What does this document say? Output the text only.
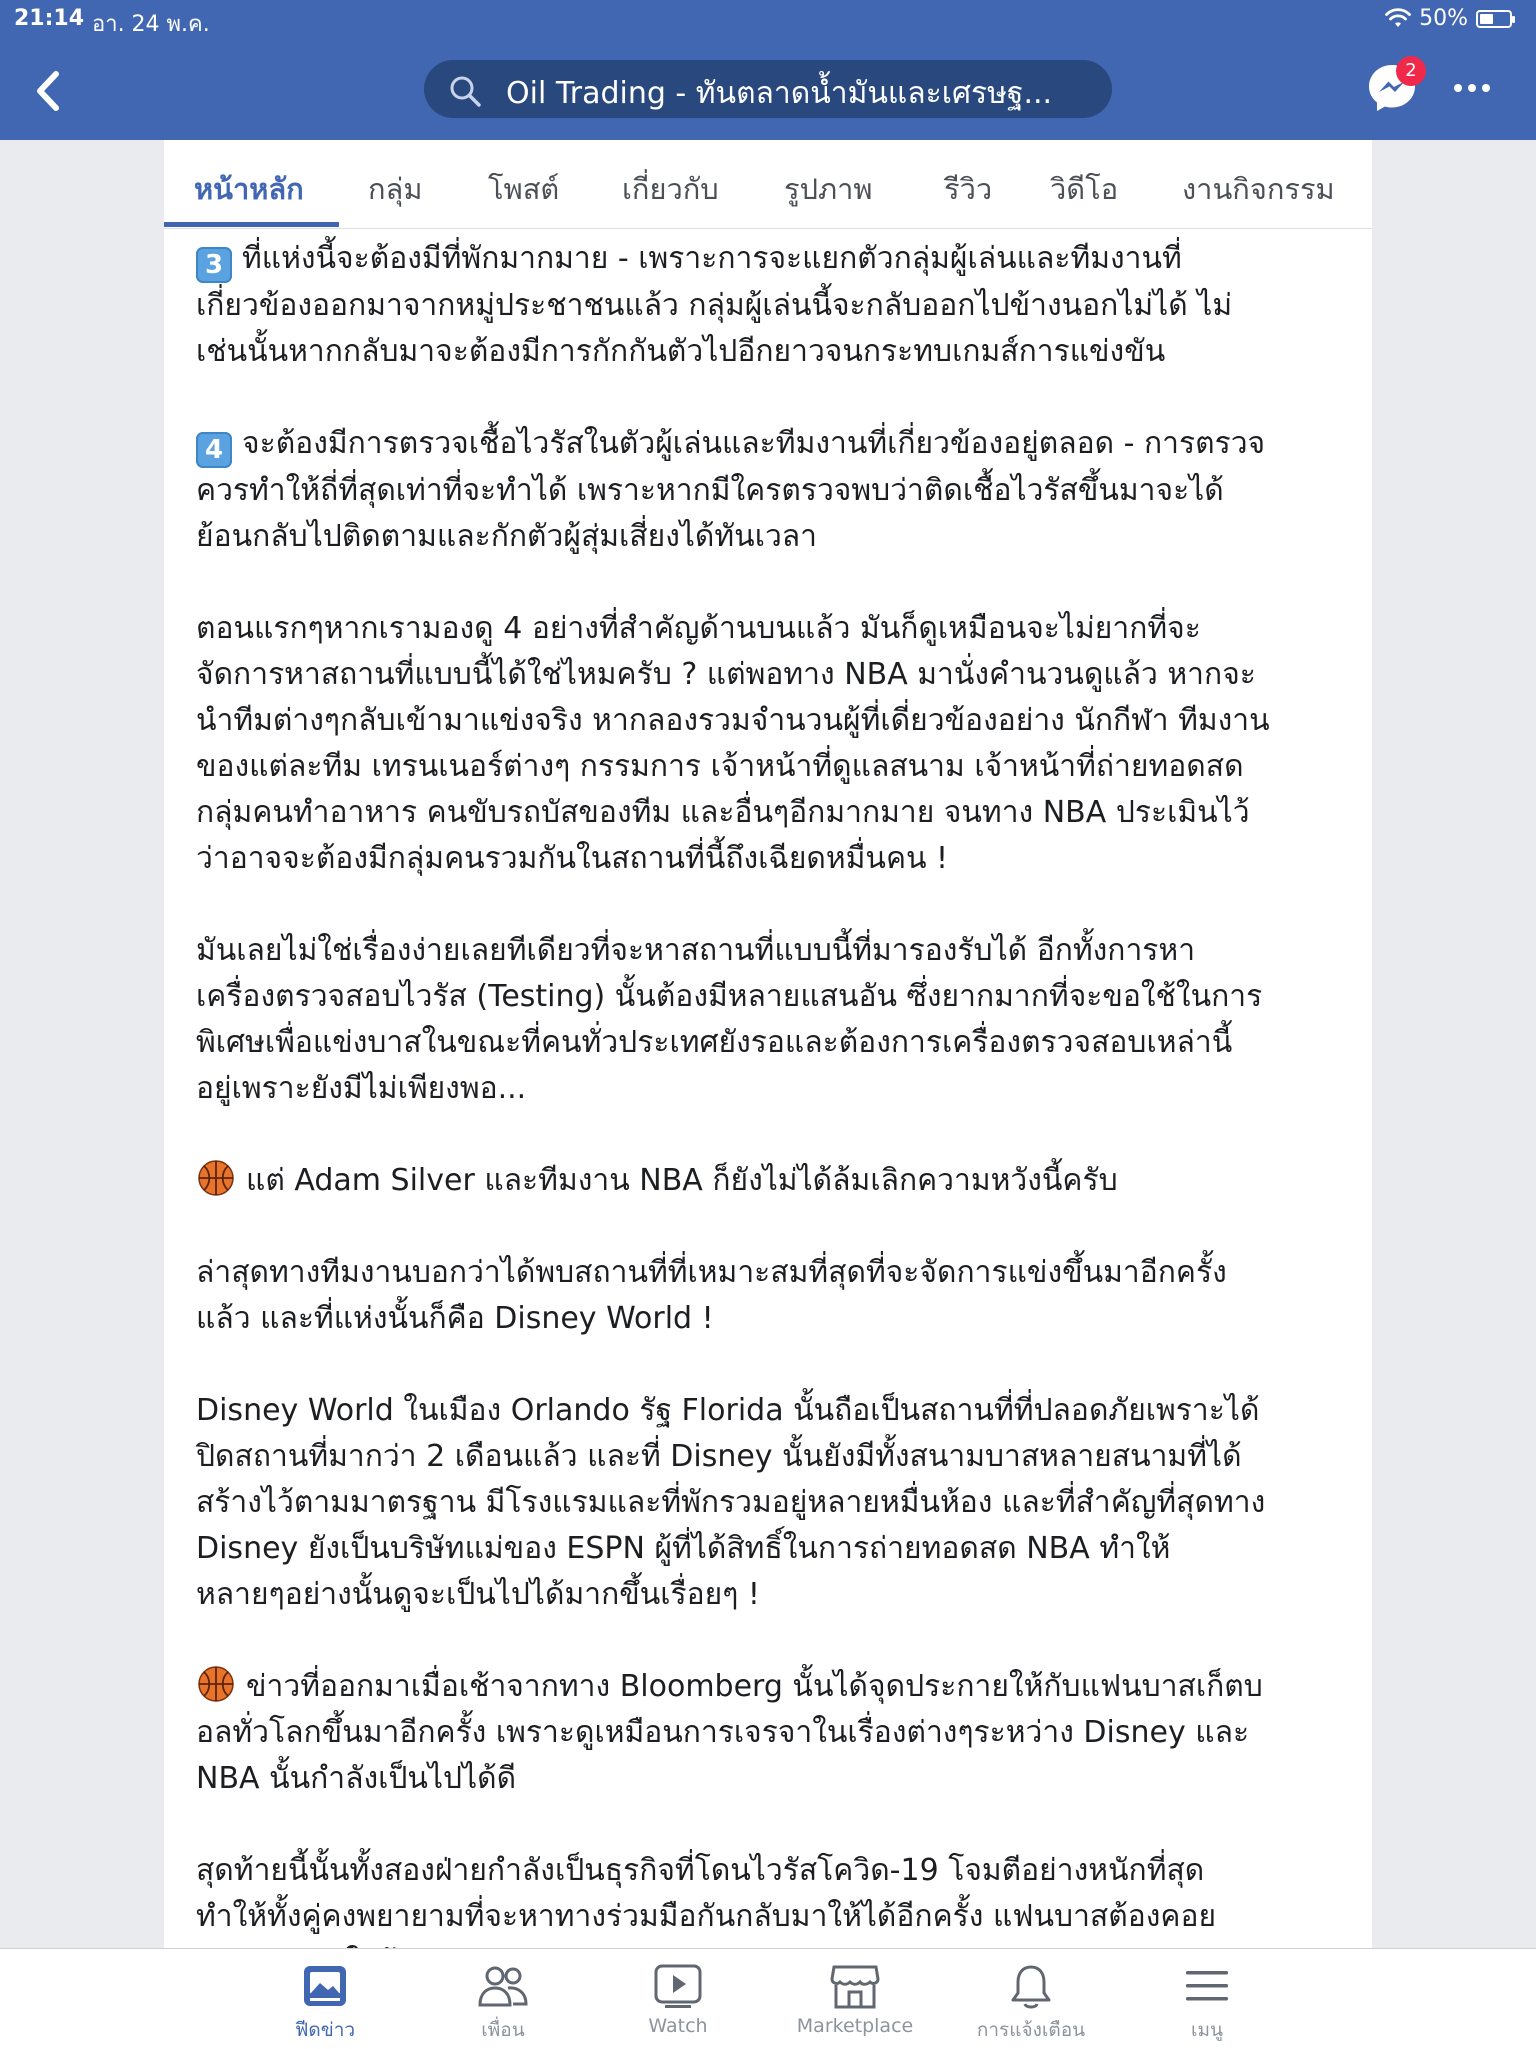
21:14 อา. 24 พ.ค.	50%
Oil Trading - ทันตลาดน้ำมันและเศรษฐ...
2
หน้าหลัก กลุ่ม โพสต์ เกี่ยวกับ รูปภาพ รีวิว วิดีโอ งานกิจกรรม

3 ที่แห่งนี้จะต้องมีที่พักมากมาย - เพราะการจะแยกตัวกลุ่มผู้เล่นและทีมงานที่
เกี่ยวข้องออกมาจากหมู่ประชาชนแล้ว กลุ่มผู้เล่นนี้จะกลับออกไปข้างนอกไม่ได้ ไม่
เช่นนั้นหากกลับมาจะต้องมีการกักกันตัวไปอีกยาวจนกระทบเกมส์การแข่งขัน

4 จะต้องมีการตรวจเชื้อไวรัสในตัวผู้เล่นและทีมงานที่เกี่ยวข้องอยู่ตลอด - การตรวจ
ควรทำให้ถี่ที่สุดเท่าที่จะทำได้ เพราะหากมีใครตรวจพบว่าติดเชื้อไวรัสขึ้นมาจะได้
ย้อนกลับไปติดตามและกักตัวผู้สุ่มเสี่ยงได้ทันเวลา

ตอนแรกๆหากเรามองดู 4 อย่างที่สำคัญด้านบนแล้ว มันก็ดูเหมือนจะไม่ยากที่จะ
จัดการหาสถานที่แบบนี้ได้ใช่ไหมครับ ? แต่พอทาง NBA มานั่งคำนวนดูแล้ว หากจะ
นำทีมต่างๆกลับเข้ามาแข่งจริง หากลองรวมจำนวนผู้ที่เดี่ยวข้องอย่าง นักกีฬา ทีมงาน
ของแต่ละทีม เทรนเนอร์ต่างๆ กรรมการ เจ้าหน้าที่ดูแลสนาม เจ้าหน้าที่ถ่ายทอดสด
กลุ่มคนทำอาหาร คนขับรถบัสของทีม และอื่นๆอีกมากมาย จนทาง NBA ประเมินไว้
ว่าอาจจะต้องมีกลุ่มคนรวมกันในสถานที่นี้ถึงเฉียดหมื่นคน !

มันเลยไม่ใช่เรื่องง่ายเลยทีเดียวที่จะหาสถานที่แบบนี้ที่มารองรับได้ อีกทั้งการหา
เครื่องตรวจสอบไวรัส (Testing) นั้นต้องมีหลายแสนอัน ซึ่งยากมากที่จะขอใช้ในการ
พิเศษเพื่อแข่งบาสในขณะที่คนทั่วประเทศยังรอและต้องการเครื่องตรวจสอบเหล่านี้
อยู่เพราะยังมีไม่เพียงพอ...

แต่ Adam Silver และทีมงาน NBA ก็ยังไม่ได้ล้มเลิกความหวังนี้ครับ

ล่าสุดทางทีมงานบอกว่าได้พบสถานที่ที่เหมาะสมที่สุดที่จะจัดการแข่งขึ้นมาอีกครั้ง
แล้ว และที่แห่งนั้นก็คือ Disney World !

Disney World ในเมือง Orlando รัฐ Florida นั้นถือเป็นสถานที่ที่ปลอดภัยเพราะได้
ปิดสถานที่มากว่า 2 เดือนแล้ว และที่ Disney นั้นยังมีทั้งสนามบาสหลายสนามที่ได้
สร้างไว้ตามมาตรฐาน มีโรงแรมและที่พักรวมอยู่หลายหมื่นห้อง และที่สำคัญที่สุดทาง
Disney ยังเป็นบริษัทแม่ของ ESPN ผู้ที่ได้สิทธิ์ในการถ่ายทอดสด NBA ทำให้
หลายๆอย่างนั้นดูจะเป็นไปได้มากขึ้นเรื่อยๆ !

ข่าวที่ออกมาเมื่อเช้าจากทาง Bloomberg นั้นได้จุดประกายให้กับแฟนบาสเก็ตบ
อลทั่วโลกขึ้นมาอีกครั้ง เพราะดูเหมือนการเจรจาในเรื่องต่างๆระหว่าง Disney และ
NBA นั้นกำลังเป็นไปได้ดี

สุดท้ายนี้นั้นทั้งสองฝ่ายกำลังเป็นธุรกิจที่โดนไวรัสโควิด-19 โจมตีอย่างหนักที่สุด
ทำให้ทั้งคู่คงพยายามที่จะหาทางร่วมมือกันกลับมาให้ได้อีกครั้ง แฟนบาสต้องคอย

ฟีดข่าว	เพื่อน	Watch	Marketplace	การแจ้งเตือน	เมนู
